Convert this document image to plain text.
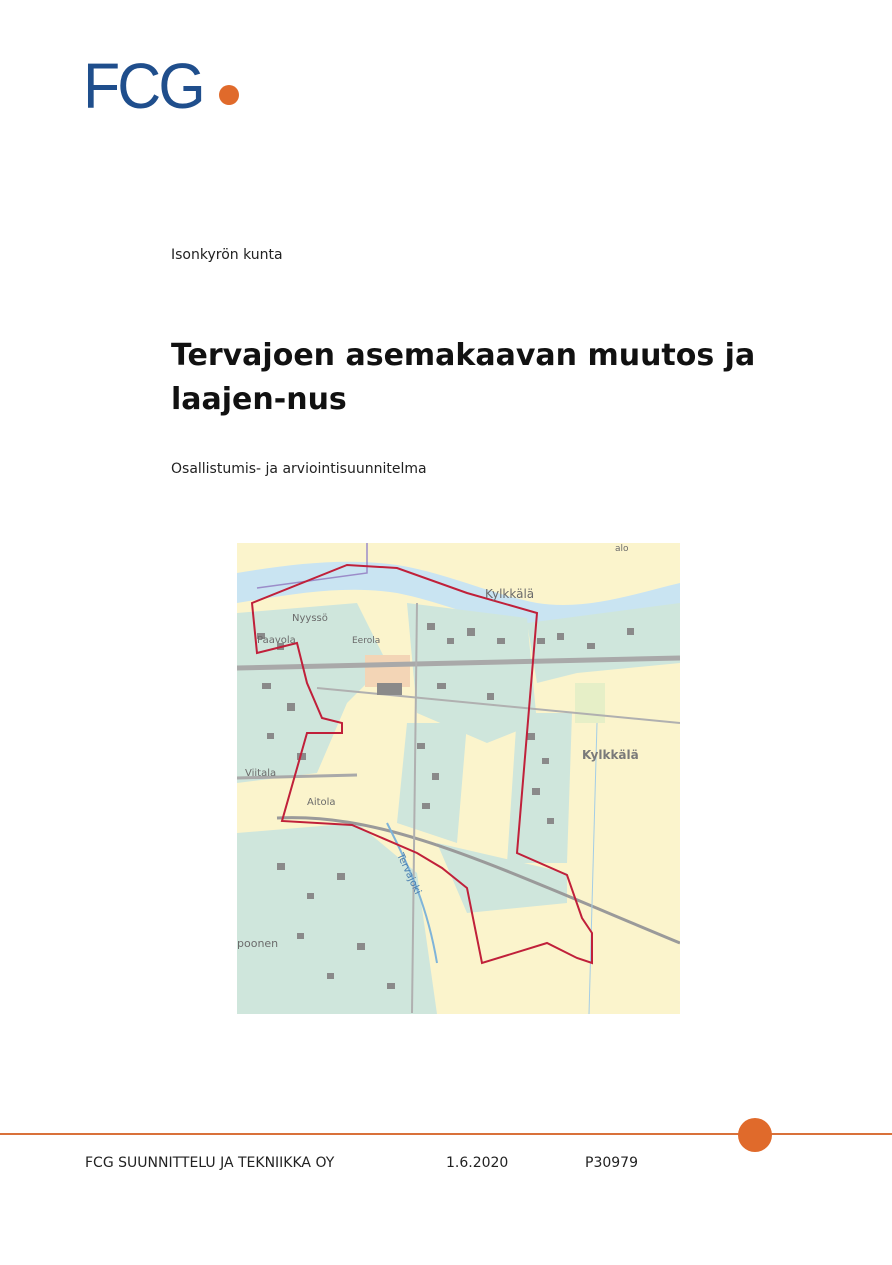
FCG
Isonkyrön kunta
Tervajoen asemakaavan muutos ja laajen-nus
Osallistumis- ja arviointisuunnitelma
Kylkkälä
Kylkkälä
Nyyssö
Paavola	Eerola
Viitala
Aitola
Tervajoki
poonen
alo
FCG SUUNNITTELU JA TEKNIIKKA OY	1.6.2020	P30979
